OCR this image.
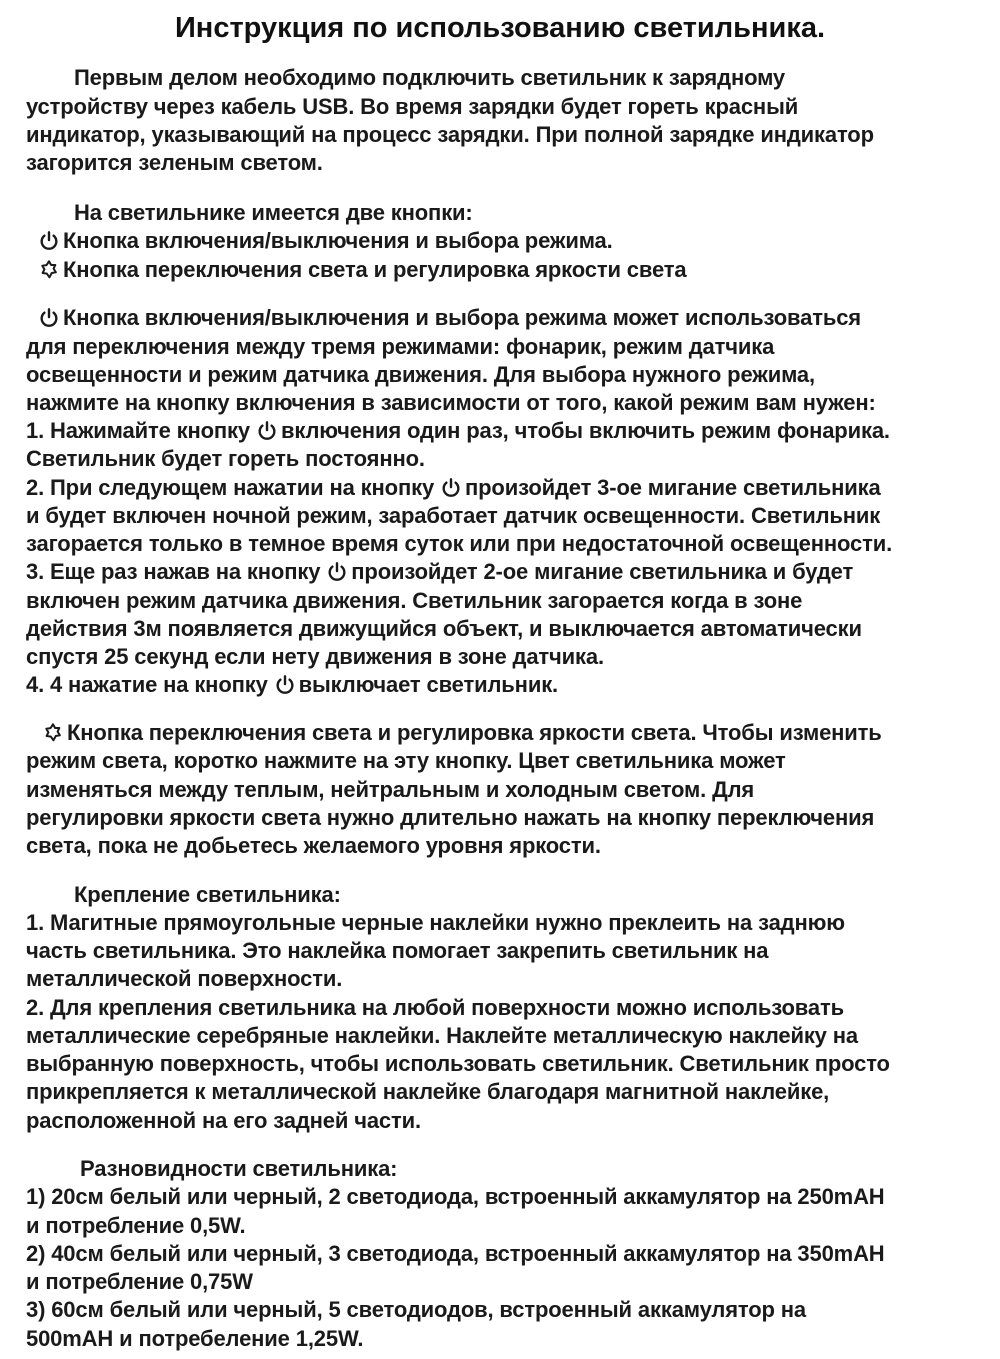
Инструкция по использованию светильника.
Первым делом необходимо подключить светильник к зарядному
устройству через кабель USB. Во время зарядки будет гореть красный
индикатор, указывающий на процесс зарядки. При полной зарядке индикатор
загорится зеленым светом.
На светильнике имеется две кнопки:
Кнопка включения/выключения и выбора режима.
Кнопка переключения света и регулировка яркости света
Кнопка включения/выключения и выбора режима может использоваться
для переключения между тремя режимами: фонарик, режим датчика
освещенности и режим датчика движения. Для выбора нужного режима,
нажмите на кнопку включения в зависимости от того, какой режим вам нужен:
1. Нажимайте кнопку включения один раз, чтобы включить режим фонарика.
Светильник будет гореть постоянно.
2. При следующем нажатии на кнопку произойдет 3-ое мигание светильника
и будет включен ночной режим, заработает датчик освещенности. Светильник
загорается только в темное время суток или при недостаточной освещенности.
3. Еще раз нажав на кнопку произойдет 2-ое мигание светильника и будет
включен режим датчика движения. Светильник загорается когда в зоне
действия 3м появляется движущийся объект, и выключается автоматически
спустя 25 секунд если нету движения в зоне датчика.
4. 4 нажатие на кнопку выключает светильник.
Кнопка переключения света и регулировка яркости света. Чтобы изменить
режим света, коротко нажмите на эту кнопку. Цвет светильника может
изменяться между теплым, нейтральным и холодным светом. Для
регулировки яркости света нужно длительно нажать на кнопку переключения
света, пока не добьетесь желаемого уровня яркости.
Крепление светильника:
1. Магитные прямоугольные черные наклейки нужно преклеить на заднюю
часть светильника. Это наклейка помогает закрепить светильник на
металлической поверхности.
2. Для крепления светильника на любой поверхности можно использовать
металлические серебряные наклейки. Наклейте металлическую наклейку на
выбранную поверхность, чтобы использовать светильник. Светильник просто
прикрепляется к металлической наклейке благодаря магнитной наклейке,
расположенной на его задней части.
Разновидности светильника:
1) 20см белый или черный, 2 светодиода, встроенный аккамулятор на 250mAH
и потребление 0,5W.
2) 40см белый или черный, 3 светодиода, встроенный аккамулятор на 350mAH
и потребление 0,75W
3) 60см белый или черный, 5 светодиодов, встроенный аккамулятор на
500mAH и потребеление 1,25W.
